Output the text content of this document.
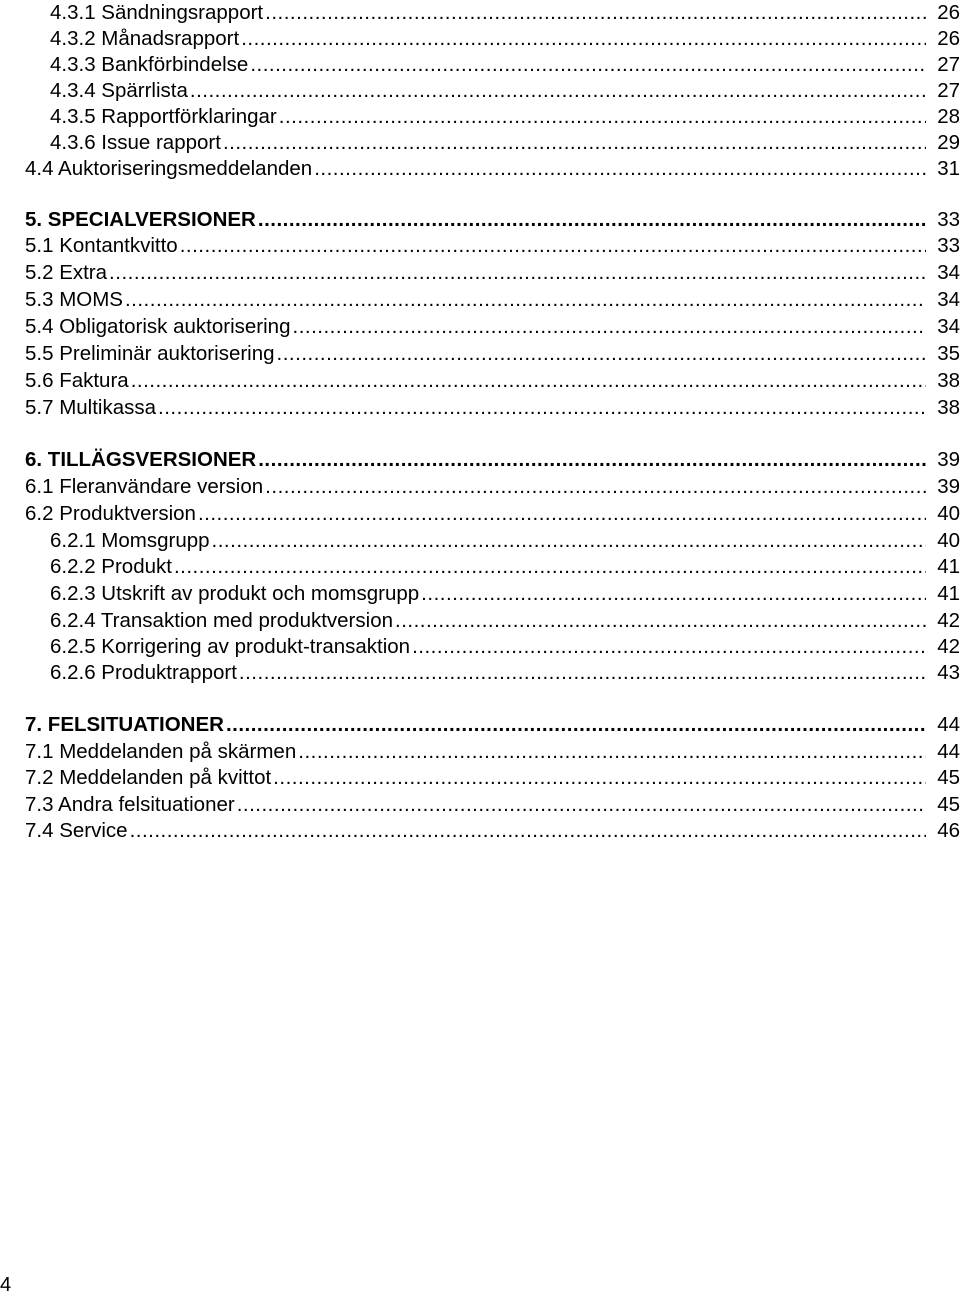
4.3.1 Sändningsrapport .....	26
4.3.2 Månadsrapport .....	26
4.3.3 Bankförbindelse .....	27
4.3.4 Spärrlista .....	27
4.3.5 Rapportförklaringar .....	28
4.3.6 Issue rapport .....	29
4.4 Auktoriseringsmeddelanden .....	31
5. SPECIALVERSIONER .....	33
5.1 Kontantkvitto .....	33
5.2 Extra .....	34
5.3 MOMS .....	34
5.4 Obligatorisk auktorisering .....	34
5.5 Preliminär auktorisering .....	35
5.6 Faktura .....	38
5.7 Multikassa .....	38
6. TILLÄGSVERSIONER .....	39
6.1 Fleranvändare version .....	39
6.2 Produktversion .....	40
6.2.1 Momsgrupp .....	40
6.2.2 Produkt .....	41
6.2.3 Utskrift av produkt och momsgrupp .....	41
6.2.4 Transaktion med produktversion .....	42
6.2.5 Korrigering av produkt-transaktion .....	42
6.2.6 Produktrapport .....	43
7. FELSITUATIONER .....	44
7.1 Meddelanden på skärmen .....	44
7.2 Meddelanden på kvittot .....	45
7.3 Andra felsituationer .....	45
7.4 Service .....	46
4
